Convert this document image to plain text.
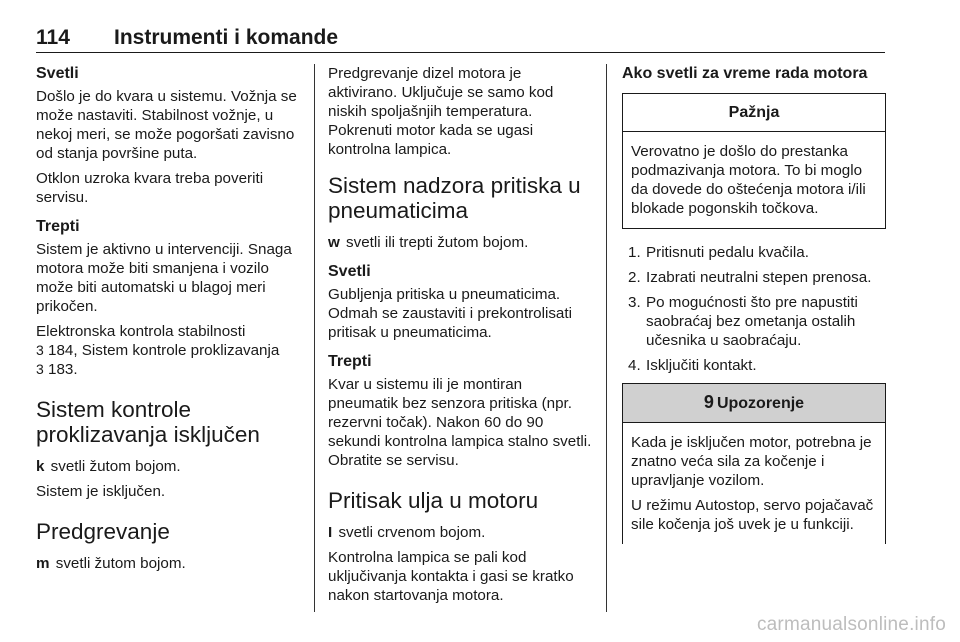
114 Instrumenti i komande
Svetli

Došlo je do kvara u sistemu. Vožnja se može nastaviti. Stabilnost vožnje, u nekoj meri, se može pogoršati zavisno od stanja površine puta.

Otklon uzroka kvara treba poveriti servisu.

Trepti

Sistem je aktivno u intervenciji. Snaga motora može biti smanjena i vozilo može biti automatski u blagoj meri prikočen.

Elektronska kontrola stabilnosti
3 184, Sistem kontrole proklizavanja
3 183.

Sistem kontrole proklizavanja isključen

k svetli žutom bojom.

Sistem je isključen.

Predgrevanje

m svetli žutom bojom.

Predgrevanje dizel motora je aktivirano. Uključuje se samo kod niskih spoljašnjih temperatura. Pokrenuti motor kada se ugasi kontrolna lampica.

Sistem nadzora pritiska u pneumaticima

w svetli ili trepti žutom bojom.

Svetli

Gubljenja pritiska u pneumaticima. Odmah se zaustaviti i prekontrolisati pritisak u pneumaticima.

Trepti

Kvar u sistemu ili je montiran pneumatik bez senzora pritiska (npr. rezervni točak). Nakon 60 do 90 sekundi kontrolna lampica stalno svetli. Obratite se servisu.

Pritisak ulja u motoru

I svetli crvenom bojom.

Kontrolna lampica se pali kod uključivanja kontakta i gasi se kratko nakon startovanja motora.

Ako svetli za vreme rada motora
Pažnja

Verovatno je došlo do prestanka podmazivanja motora. To bi moglo da dovede do oštećenja motora i/ili blokade pogonskih točkova.

1. Pritisnuti pedalu kvačila.
2. Izabrati neutralni stepen prenosa.
3. Po mogućnosti što pre napustiti saobraćaj bez ometanja ostalih učesnika u saobraćaju.
4. Isključiti kontakt.
9 Upozorenje

Kada je isključen motor, potrebna je znatno veća sila za kočenje i upravljanje vozilom.

U režimu Autostop, servo pojačavač sile kočenja još uvek je u funkciji.

carmanualsonline.info
